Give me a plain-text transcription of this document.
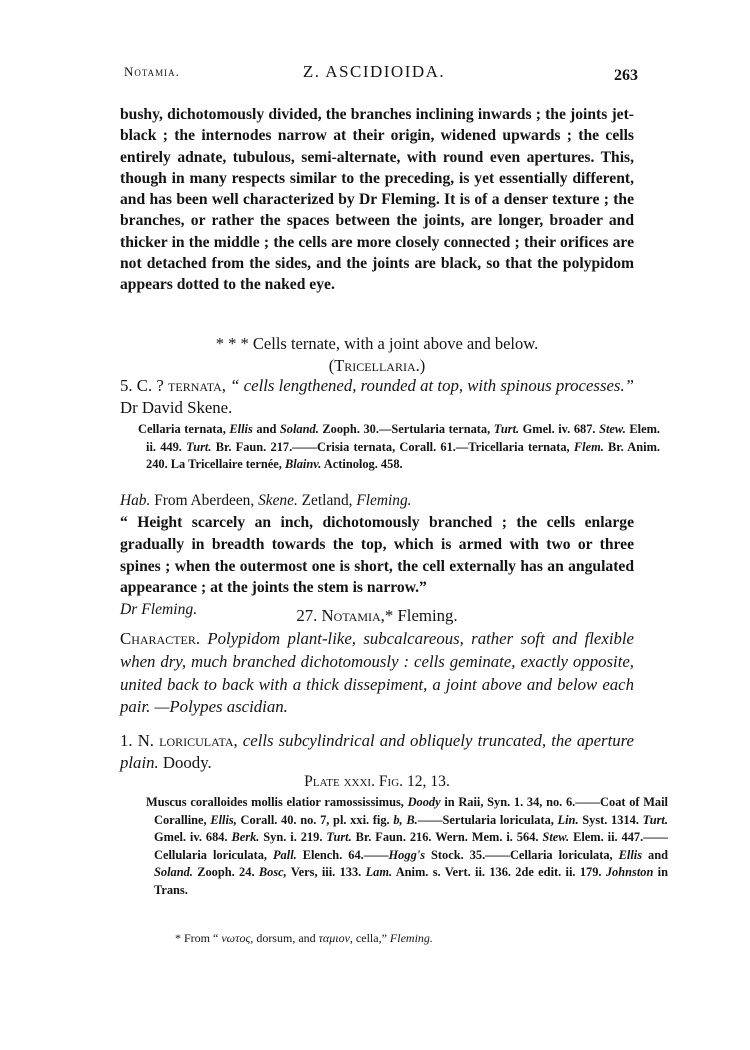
Notamia.	Z. ASCIDIOIDA.	263
bushy, dichotomously divided, the branches inclining inwards ; the joints jet-black ; the internodes narrow at their origin, widened upwards ; the cells entirely adnate, tubulous, semi-alternate, with round even apertures. This, though in many respects similar to the preceding, is yet essentially different, and has been well characterized by Dr Fleming. It is of a denser texture ; the branches, or rather the spaces between the joints, are longer, broader and thicker in the middle ; the cells are more closely connected ; their orifices are not detached from the sides, and the joints are black, so that the polypidom appears dotted to the naked eye.
* * * Cells ternate, with a joint above and below.
(Tricellaria.)
5. C. ? ternata, “ cells lengthened, rounded at top, with spinous processes.” Dr David Skene.
Cellaria ternata, Ellis and Soland. Zooph. 30.—Sertularia ternata, Turt. Gmel. iv. 687. Stew. Elem. ii. 449. Turt. Br. Faun. 217.——Crisia ternata, Corall. 61.—Tricellaria ternata, Flem. Br. Anim. 240. La Tricellaire ternée, Blainv. Actinolog. 458.
Hab. From Aberdeen, Skene. Zetland, Fleming.
“ Height scarcely an inch, dichotomously branched ; the cells enlarge gradually in breadth towards the top, which is armed with two or three spines ; when the outermost one is short, the cell externally has an angulated appearance ; at the joints the stem is narrow.”
Dr Fleming.	27. Notamia,* Fleming.
Character. Polypidom plant-like, subcalcareous, rather soft and flexible when dry, much branched dichotomously : cells geminate, exactly opposite, united back to back with a thick dissepiment, a joint above and below each pair. —Polypes ascidian.
1. N. loriculata, cells subcylindrical and obliquely truncated, the aperture plain. Doody.
Plate xxxi. Fig. 12, 13.
Muscus coralloides mollis elatior ramossissimus, Doody in Raii, Syn. 1. 34, no. 6.——Coat of Mail Coralline, Ellis, Corall. 40. no. 7, pl. xxi. fig. b, B.——Sertularia loriculata, Lin. Syst. 1314. Turt. Gmel. iv. 684. Berk. Syn. i. 219. Turt. Br. Faun. 216. Wern. Mem. i. 564. Stew. Elem. ii. 447.——Cellularia loriculata, Pall. Elench. 64.——Hogg's Stock. 35.——Cellaria loriculata, Ellis and Soland. Zooph. 24. Bosc, Vers, iii. 133. Lam. Anim. s. Vert. ii. 136. 2de edit. ii. 179. Johnston in Trans.
* From “ νωτος, dorsum, and ταμιον, cella,” Fleming.
